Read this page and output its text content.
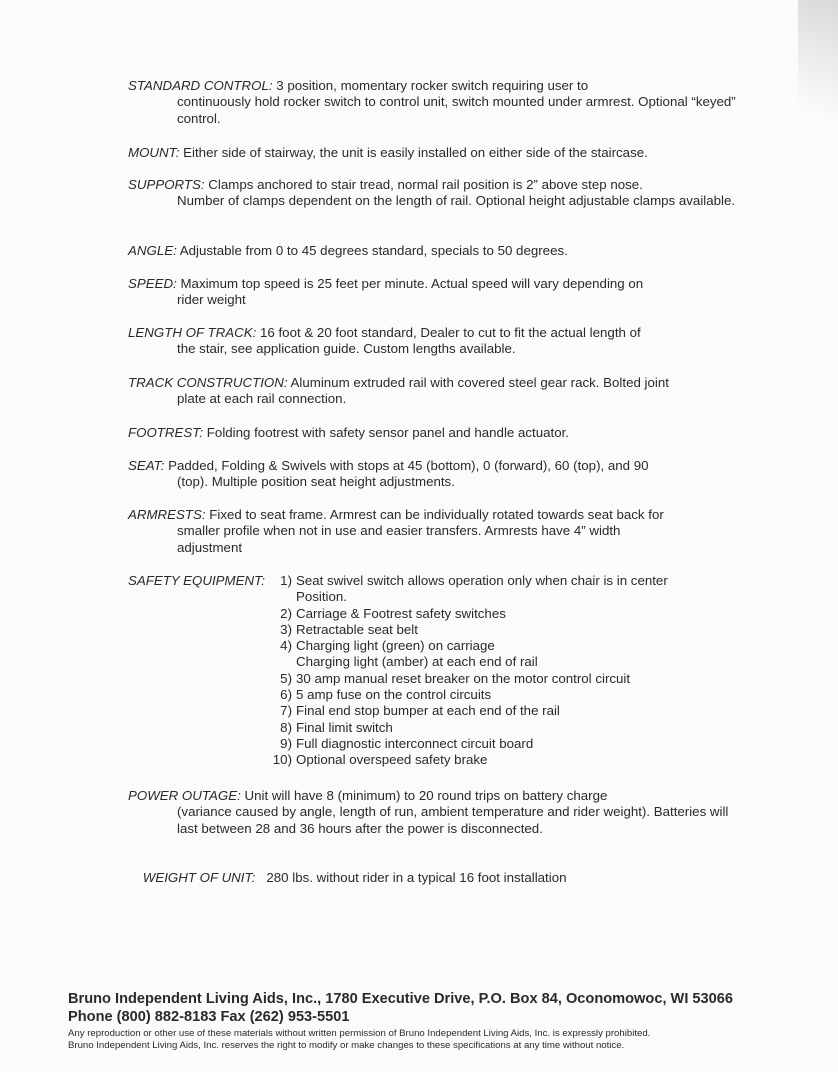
STANDARD CONTROL: 3 position, momentary rocker switch requiring user to
continuously hold rocker switch to control unit, switch mounted under armrest. Optional “keyed” control.
MOUNT: Either side of stairway, the unit is easily installed on either side of the staircase.
SUPPORTS: Clamps anchored to stair tread, normal rail position is 2” above step nose.
Number of clamps dependent on the length of rail. Optional height adjustable clamps available.
ANGLE: Adjustable from 0 to 45 degrees standard, specials to 50 degrees.
SPEED: Maximum top speed is 25 feet per minute. Actual speed will vary depending on
rider weight
LENGTH OF TRACK: 16 foot & 20 foot standard, Dealer to cut to fit the actual length of
the stair, see application guide. Custom lengths available.
TRACK CONSTRUCTION: Aluminum extruded rail with covered steel gear rack. Bolted joint
plate at each rail connection.
FOOTREST: Folding footrest with safety sensor panel and handle actuator.
SEAT: Padded, Folding & Swivels with stops at 45 (bottom), 0 (forward), 60 (top), and 90
(top). Multiple position seat height adjustments.
ARMRESTS: Fixed to seat frame. Armrest can be individually rotated towards seat back for
smaller profile when not in use and easier transfers. Armrests have 4” width adjustment
SAFETY EQUIPMENT:	1) Seat swivel switch allows operation only when chair is in center
Position.
2) Carriage & Footrest safety switches
3) Retractable seat belt
4) Charging light (green) on carriage
Charging light (amber) at each end of rail
5) 30 amp manual reset breaker on the motor control circuit
6) 5 amp fuse on the control circuits
7) Final end stop bumper at each end of the rail
8) Final limit switch
9) Full diagnostic interconnect circuit board
10) Optional overspeed safety brake
POWER OUTAGE: Unit will have 8 (minimum) to 20 round trips on battery charge
(variance caused by angle, length of run, ambient temperature and rider weight). Batteries will last between 28 and 36 hours after the power is disconnected.

WEIGHT OF UNIT:   280 lbs. without rider in a typical 16 foot installation

Bruno Independent Living Aids, Inc., 1780 Executive Drive, P.O. Box 84, Oconomowoc, WI 53066
Phone (800) 882-8183 Fax (262) 953-5501
Any reproduction or other use of these materials without written permission of Bruno Independent Living Aids, Inc. is expressly prohibited.
Bruno Independent Living Aids, Inc. reserves the right to modify or make changes to these specifications at any time without notice.
